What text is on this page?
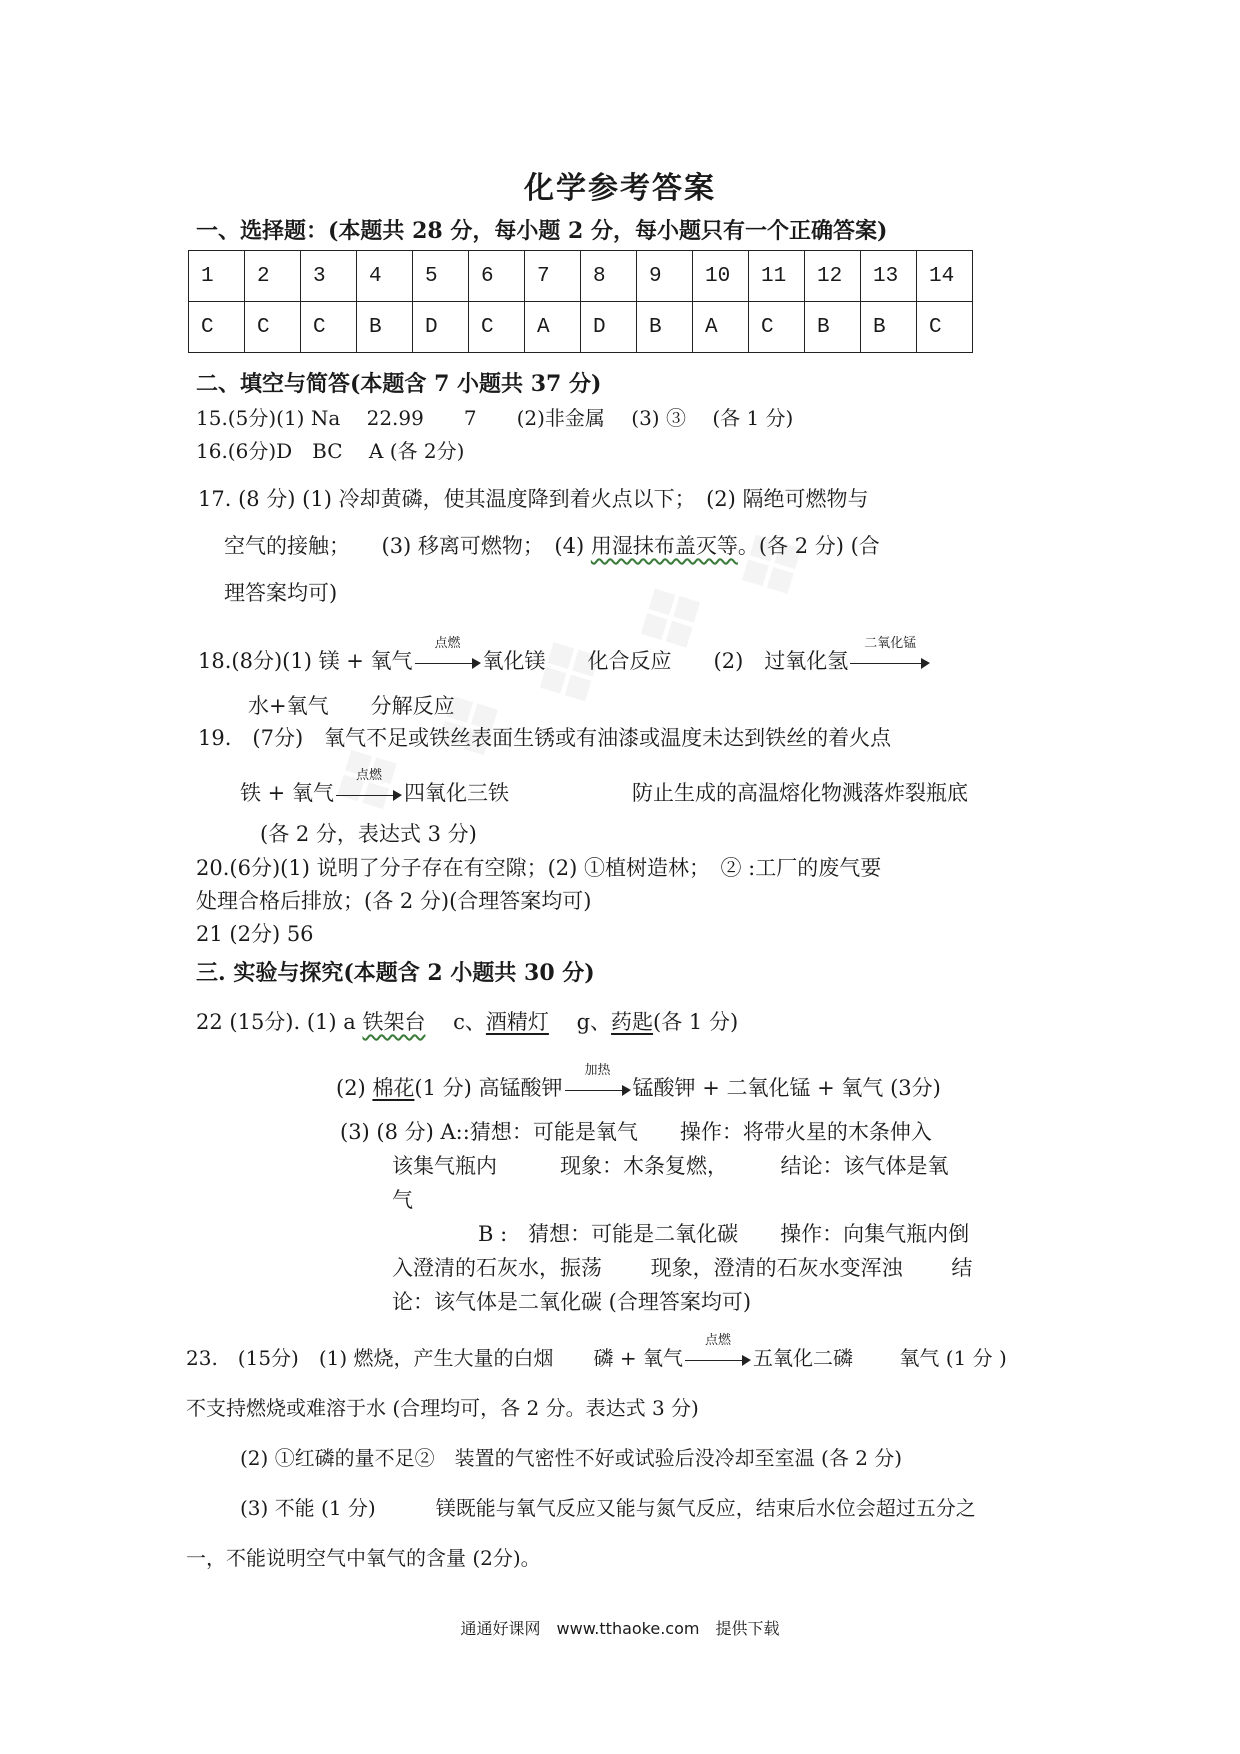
化学参考答案
一、选择题：(本题共 28 分，每小题 2 分，每小题只有一个正确答案)
1	2	3	4	5	6	7	8	9	10	11	12	13	14
C	C	C	B	D	C	A	D	B	A	C	B	B	C
二、填空与简答(本题含 7 小题共 37 分)
15.(5分)(1) Na　 22.99　　7　　(2)非金属　 (3) ③　 (各 1 分)
16.(6分)D　BC　 A (各 2分)
17. (8 分) (1) 冷却黄磷，使其温度降到着火点以下；　(2) 隔绝可燃物与
空气的接触；　　(3) 移离可燃物；　(4) 用湿抹布盖灭等。(各 2 分) (合
理答案均可)
18.(8分)(1) 镁 + 氧气
点燃
氧化镁　　化合反应　　(2)　过氧化氢
二氧化锰
水+氧气　　分解反应
19.　(7分)　氧气不足或铁丝表面生锈或有油漆或温度未达到铁丝的着火点
铁 + 氧气
点燃
四氧化三铁	防止生成的高温熔化物溅落炸裂瓶底
(各 2 分，表达式 3 分)
20.(6分)(1) 说明了分子存在有空隙；(2) ①植树造林；　② :工厂的废气要
处理合格后排放；(各 2 分)(合理答案均可)
21 (2分) 56
三. 实验与探究(本题含 2 小题共 30 分)
22 (15分). (1) a 铁架台　 c、酒精灯　 g、药匙(各 1 分)
(2) 棉花(1 分) 高锰酸钾
加热
锰酸钾 + 二氧化锰 + 氧气 (3分)
(3) (8 分) A::猜想：可能是氧气　　操作：将带火星的木条伸入
该集气瓶内　　　现象：木条复燃，　　　结论：该气体是氧
气
B :　猜想：可能是二氧化碳　　操作：向集气瓶内倒
入澄清的石灰水，振荡　　 现象，澄清的石灰水变浑浊　　 结
论：该气体是二氧化碳 (合理答案均可)
23.　(15分)　(1) 燃烧，产生大量的白烟　　磷 + 氧气
点燃
五氧化二磷　　 氧气 (1 分 )
不支持燃烧或难溶于水 (合理均可，各 2 分。表达式 3 分)
(2) ①红磷的量不足②　装置的气密性不好或试验后没冷却至室温 (各 2 分)
(3) 不能 (1 分)　　　镁既能与氧气反应又能与氮气反应，结束后水位会超过五分之
一，不能说明空气中氧气的含量 (2分)。
通通好课网　www.tthaoke.com　提供下载
